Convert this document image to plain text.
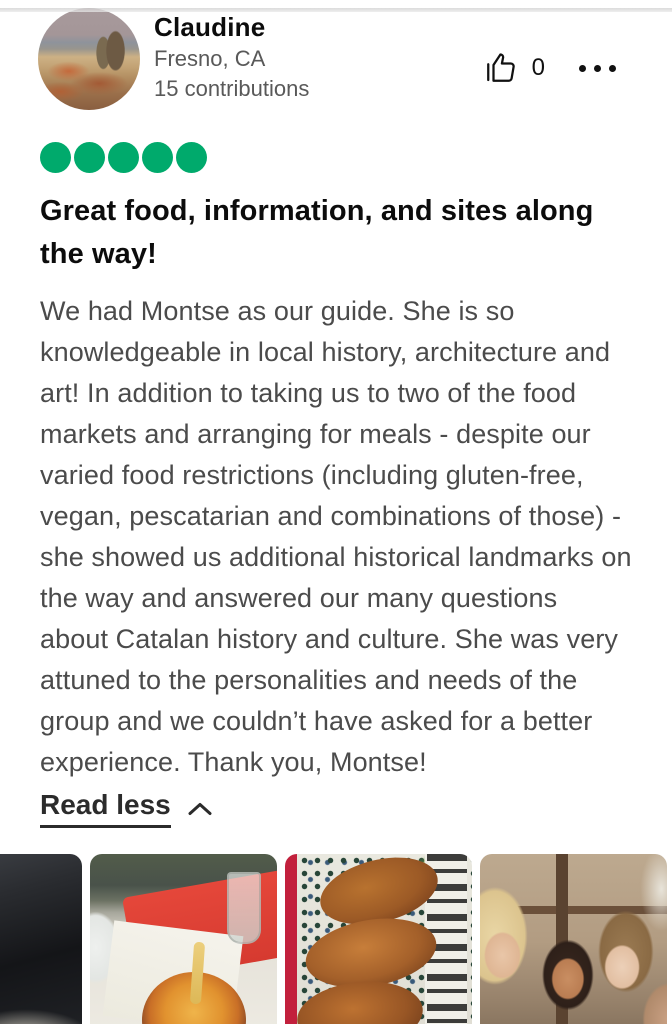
Claudine
Fresno, CA
15 contributions
0
Great food, information, and sites along the way!

We had Montse as our guide. She is so knowledgeable in local history, architecture and art! In addition to taking us to two of the food markets and arranging for meals - despite our varied food restrictions (including gluten-free, vegan, pescatarian and combinations of those) - she showed us additional historical landmarks on the way and answered our many questions about Catalan history and culture. She was very attuned to the personalities and needs of the group and we couldn’t have asked for a better experience. Thank you, Montse!

Read less
